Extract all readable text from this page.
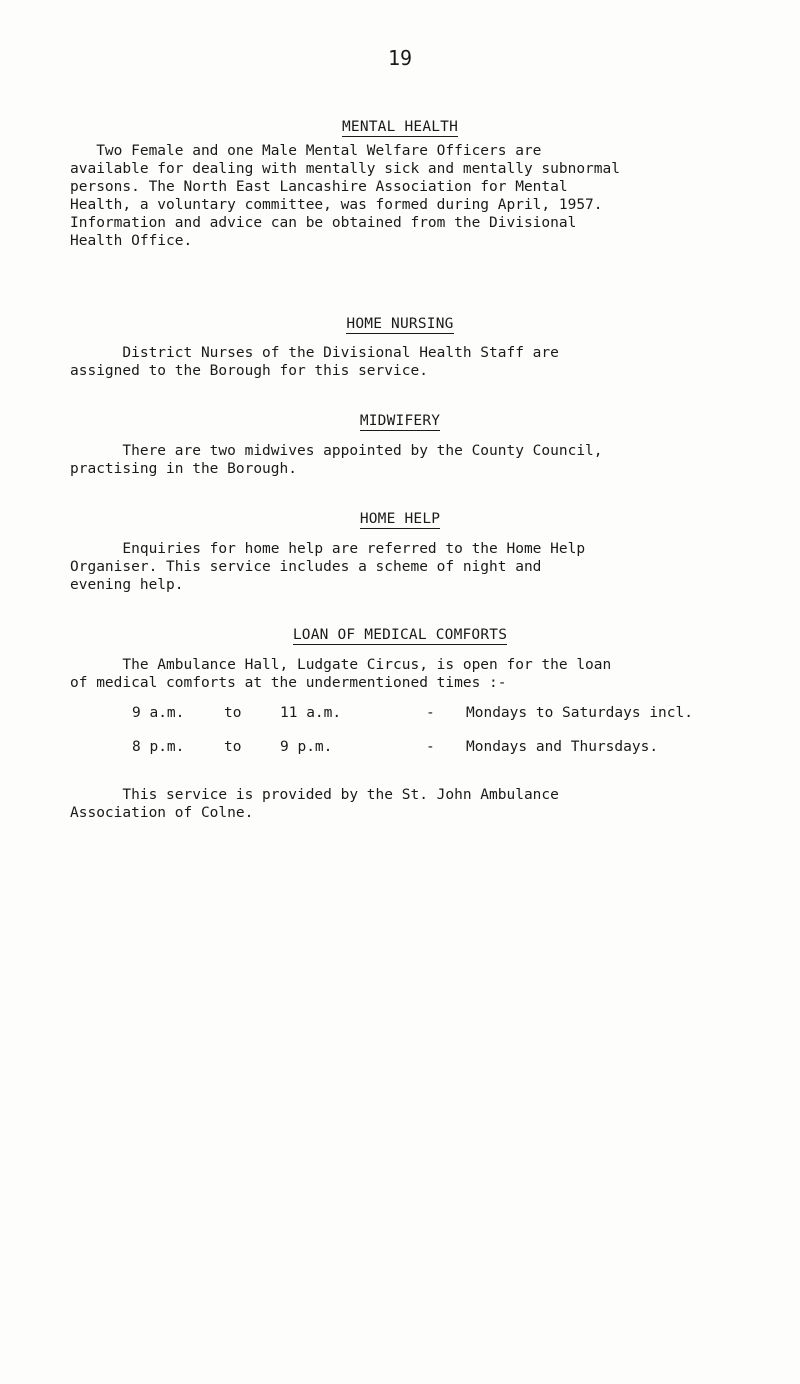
19
MENTAL HEALTH

Two Female and one Male Mental Welfare Officers are
available for dealing with mentally sick and mentally subnormal
persons. The North East Lancashire Association for Mental
Health, a voluntary committee, was formed during April, 1957.
Information and advice can be obtained from the Divisional
Health Office.

HOME NURSING

District Nurses of the Divisional Health Staff are
assigned to the Borough for this service.

MIDWIFERY

There are two midwives appointed by the County Council,
practising in the Borough.

HOME HELP

Enquiries for home help are referred to the Home Help
Organiser. This service includes a scheme of night and
evening help.

LOAN OF MEDICAL COMFORTS

The Ambulance Hall, Ludgate Circus, is open for the loan
of medical comforts at the undermentioned times :-

9 a.m.	to	11 a.m.	- Mondays to Saturdays incl.
8 p.m.	to	9 p.m.	- Mondays and Thursdays.

This service is provided by the St. John Ambulance
Association of Colne.
